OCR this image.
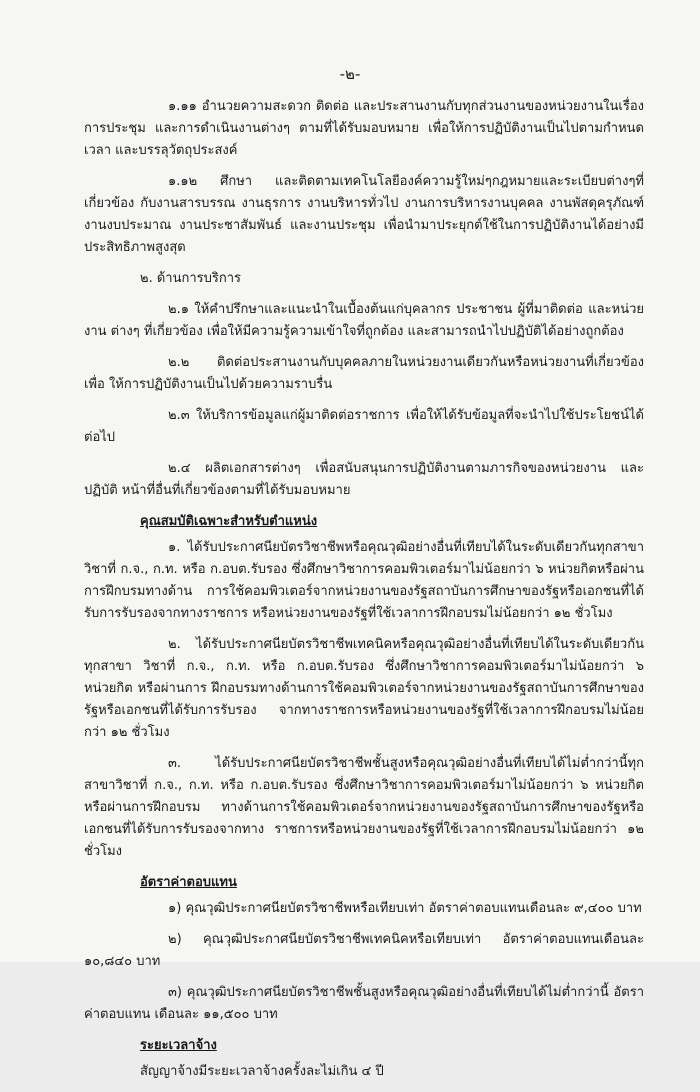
-๒-

๑.๑๑ อำนวยความสะดวก ติดต่อ และประสานงานกับทุกส่วนงานของหน่วยงานในเรื่อง การประชุม และการดำเนินงานต่างๆ ตามที่ได้รับมอบหมาย เพื่อให้การปฏิบัติงานเป็นไปตามกำหนดเวลา และบรรลุวัตถุประสงค์

๑.๑๒ ศึกษา และติดตามเทคโนโลยีองค์ความรู้ใหม่ๆกฎหมายและระเบียบต่างๆที่เกี่ยวข้อง กับงานสารบรรณ งานธุรการ งานบริหารทั่วไป งานการบริหารงานบุคคล งานพัสดุครุภัณฑ์ งานงบประมาณ งานประชาสัมพันธ์ และงานประชุม เพื่อนำมาประยุกต์ใช้ในการปฏิบัติงานได้อย่างมีประสิทธิภาพสูงสุด

๒. ด้านการบริการ

๒.๑ ให้คำปรึกษาและแนะนำในเบื้องต้นแก่บุคลากร ประชาชน ผู้ที่มาติดต่อ และหน่วยงาน ต่างๆ ที่เกี่ยวข้อง เพื่อให้มีความรู้ความเข้าใจที่ถูกต้อง และสามารถนำไปปฏิบัติได้อย่างถูกต้อง

๒.๒ ติดต่อประสานงานกับบุคคลภายในหน่วยงานเดียวกันหรือหน่วยงานที่เกี่ยวข้อง เพื่อ ให้การปฏิบัติงานเป็นไปด้วยความราบรื่น

๒.๓ ให้บริการข้อมูลแก่ผู้มาติดต่อราชการ เพื่อให้ได้รับข้อมูลที่จะนำไปใช้ประโยชน์ได้ต่อไป

๒.๔ ผลิตเอกสารต่างๆ เพื่อสนับสนุนการปฏิบัติงานตามภารกิจของหน่วยงาน และปฏิบัติ หน้าที่อื่นที่เกี่ยวข้องตามที่ได้รับมอบหมาย

คุณสมบัติเฉพาะสำหรับตำแหน่ง

๑. ได้รับประกาศนียบัตรวิชาชีพหรือคุณวุฒิอย่างอื่นที่เทียบได้ในระดับเดียวกันทุกสาขาวิชาที่ ก.จ., ก.ท. หรือ ก.อบต.รับรอง ซึ่งศึกษาวิชาการคอมพิวเตอร์มาไม่น้อยกว่า ๖ หน่วยกิตหรือผ่านการฝึกบรมทางด้าน การใช้คอมพิวเตอร์จากหน่วยงานของรัฐสถาบันการศึกษาของรัฐหรือเอกชนที่ได้รับการรับรองจากทางราชการ หรือหน่วยงานของรัฐที่ใช้เวลาการฝึกอบรมไม่น้อยกว่า ๑๒ ชั่วโมง

๒. ได้รับประกาศนียบัตรวิชาชีพเทคนิคหรือคุณวุฒิอย่างอื่นที่เทียบได้ในระดับเดียวกันทุกสาขา วิชาที่ ก.จ., ก.ท. หรือ ก.อบต.รับรอง ซึ่งศึกษาวิชาการคอมพิวเตอร์มาไม่น้อยกว่า ๖ หน่วยกิต หรือผ่านการ ฝึกอบรมทางด้านการใช้คอมพิวเตอร์จากหน่วยงานของรัฐสถาบันการศึกษาของรัฐหรือเอกชนที่ได้รับการรับรอง จากทางราชการหรือหน่วยงานของรัฐที่ใช้เวลาการฝึกอบรมไม่น้อยกว่า ๑๒ ชั่วโมง

๓. ได้รับประกาศนียบัตรวิชาชีพชั้นสูงหรือคุณวุฒิอย่างอื่นที่เทียบได้ไม่ต่ำกว่านี้ทุกสาขาวิชาที่ ก.จ., ก.ท. หรือ ก.อบต.รับรอง ซึ่งศึกษาวิชาการคอมพิวเตอร์มาไม่น้อยกว่า ๖ หน่วยกิต หรือผ่านการฝึกอบรม ทางด้านการใช้คอมพิวเตอร์จากหน่วยงานของรัฐสถาบันการศึกษาของรัฐหรือเอกชนที่ได้รับการรับรองจากทาง ราชการหรือหน่วยงานของรัฐที่ใช้เวลาการฝึกอบรมไม่น้อยกว่า ๑๒ ชั่วโมง

อัตราค่าตอบแทน

๑) คุณวุฒิประกาศนียบัตรวิชาชีพหรือเทียบเท่า อัตราค่าตอบแทนเดือนละ ๙,๔๐๐ บาท

๒) คุณวุฒิประกาศนียบัตรวิชาชีพเทคนิคหรือเทียบเท่า อัตราค่าตอบแทนเดือนละ ๑๐,๘๔๐ บาท

๓) คุณวุฒิประกาศนียบัตรวิชาชีพชั้นสูงหรือคุณวุฒิอย่างอื่นที่เทียบได้ไม่ต่ำกว่านี้ อัตราค่าตอบแทน เดือนละ ๑๑,๕๐๐ บาท

ระยะเวลาจ้าง

สัญญาจ้างมีระยะเวลาจ้างครั้งละไม่เกิน ๔ ปี
